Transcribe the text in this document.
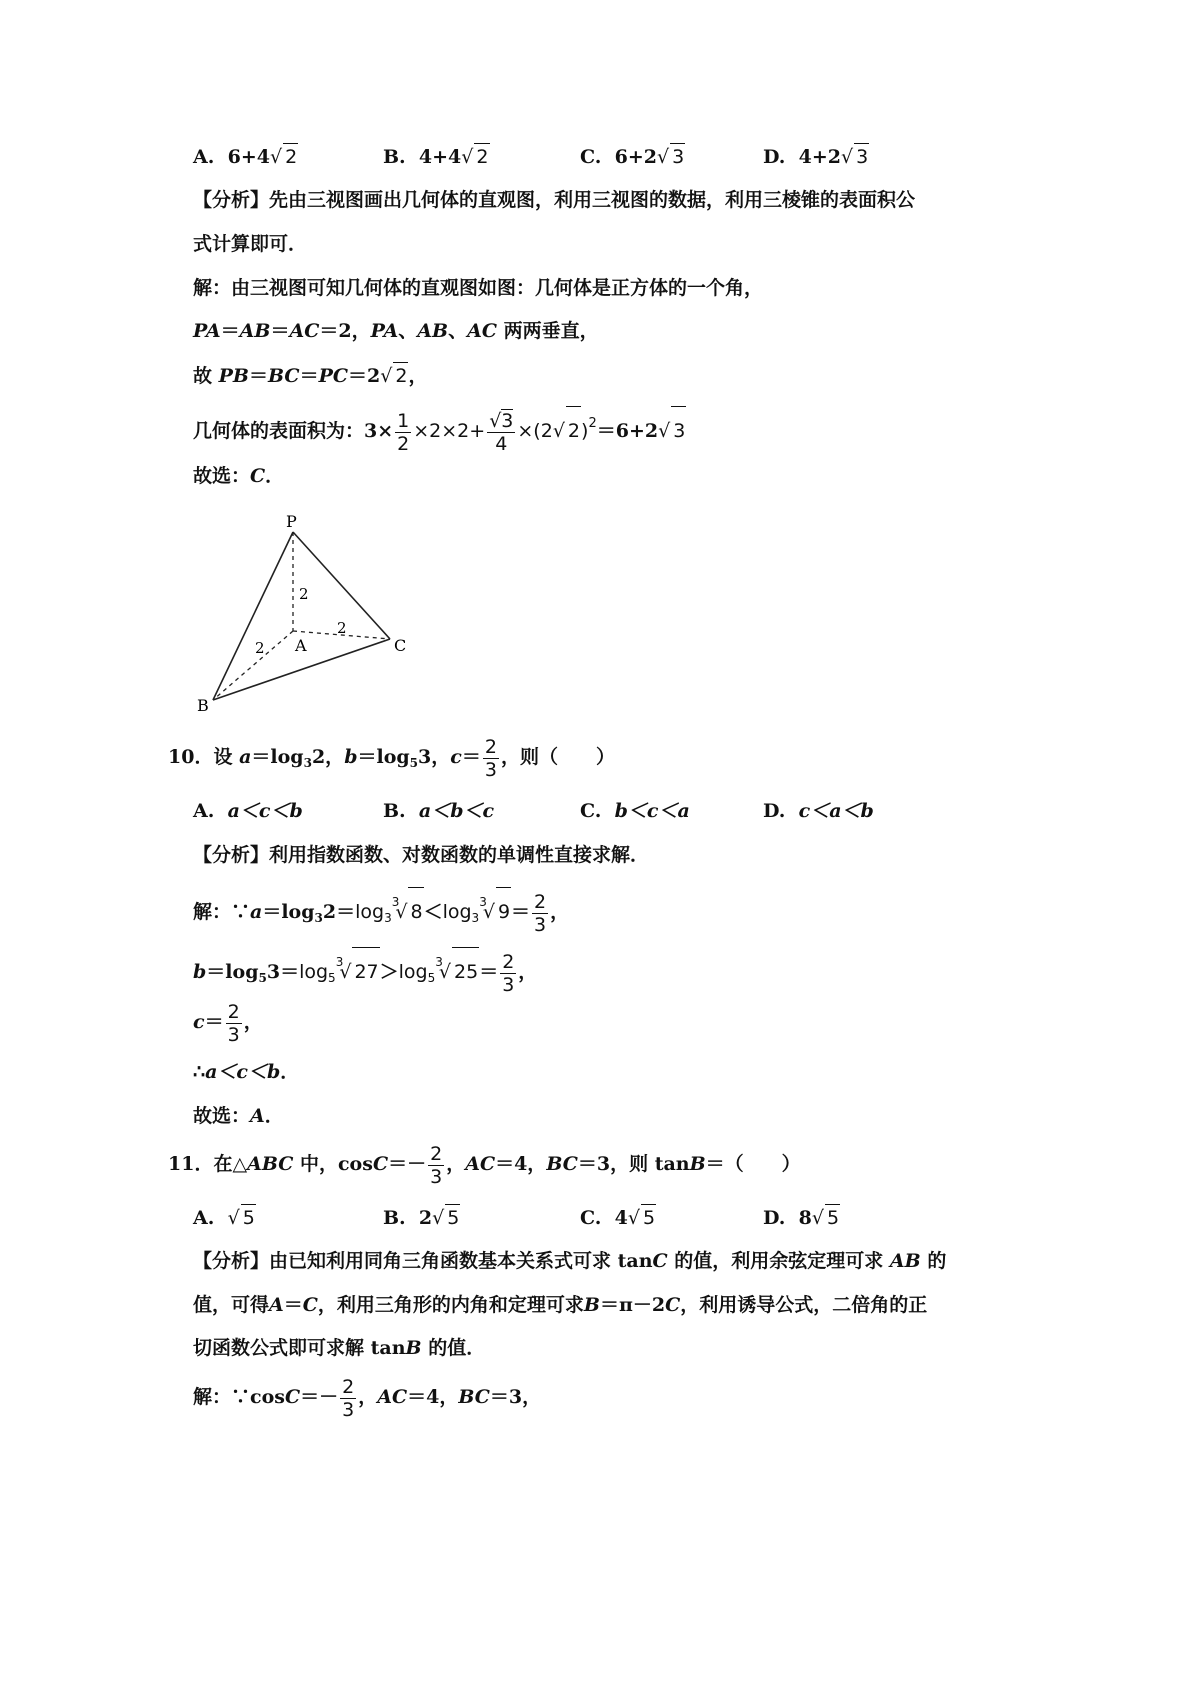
A. 6+4√ 2	B. 4+4√ 2	C. 6+2√ 3	D. 4+2√ 3
【分析】先由三视图画出几何体的直观图，利用三视图的数据，利用三棱锥的表面积公
式计算即可．
解：由三视图可知几何体的直观图如图：几何体是正方体的一个角，
PA＝AB＝AC＝2，PA、AB、AC 两两垂直，
故 PB＝BC＝PC＝2√ 2，
几何体的表面积为：$3\times \frac{1}{2} \times 2\times 2+ \frac{√3}{4} \times(2√$ 2)$^2$＝6+2√ 3
故选：C．
P
A
B
C
2
2
2
10．设 $a=\log_32$，$b=\log_53$，$c= \frac{2}{3}$ ，则（　　）
A. a＜c＜b	B. a＜b＜c	C. b＜c＜a	D. c＜a＜b
【分析】利用指数函数、对数函数的单调性直接求解．
解：$\because a=\log_32=\log_3^3√$ $8<\log_3^3√$ $9= \frac{2}{3}$ ，
$b=\log_53=\log_5^3√$ $27>\log_5^3√$ $25= \frac{2}{3}$ ，
$c= \frac{2}{3}$ ，
∴a＜c＜b．
故选：A．
11．在△ABC 中，$\cos C=- \frac{2}{3}$ ，AC＝4，BC＝3，则 tanB＝（　　）
A. √ 5	B. 2√ 5	C. 4√ 5	D. 8√ 5
【分析】由已知利用同角三角函数基本关系式可求 tanC 的值，利用余弦定理可求 AB 的
值，可得A＝C，利用三角形的内角和定理可求B＝π－2C，利用诱导公式，二倍角的正
切函数公式即可求解 tanB 的值．
解：∵cosC＝－ $\frac{2}{3}$ ，AC＝4，BC＝3，
